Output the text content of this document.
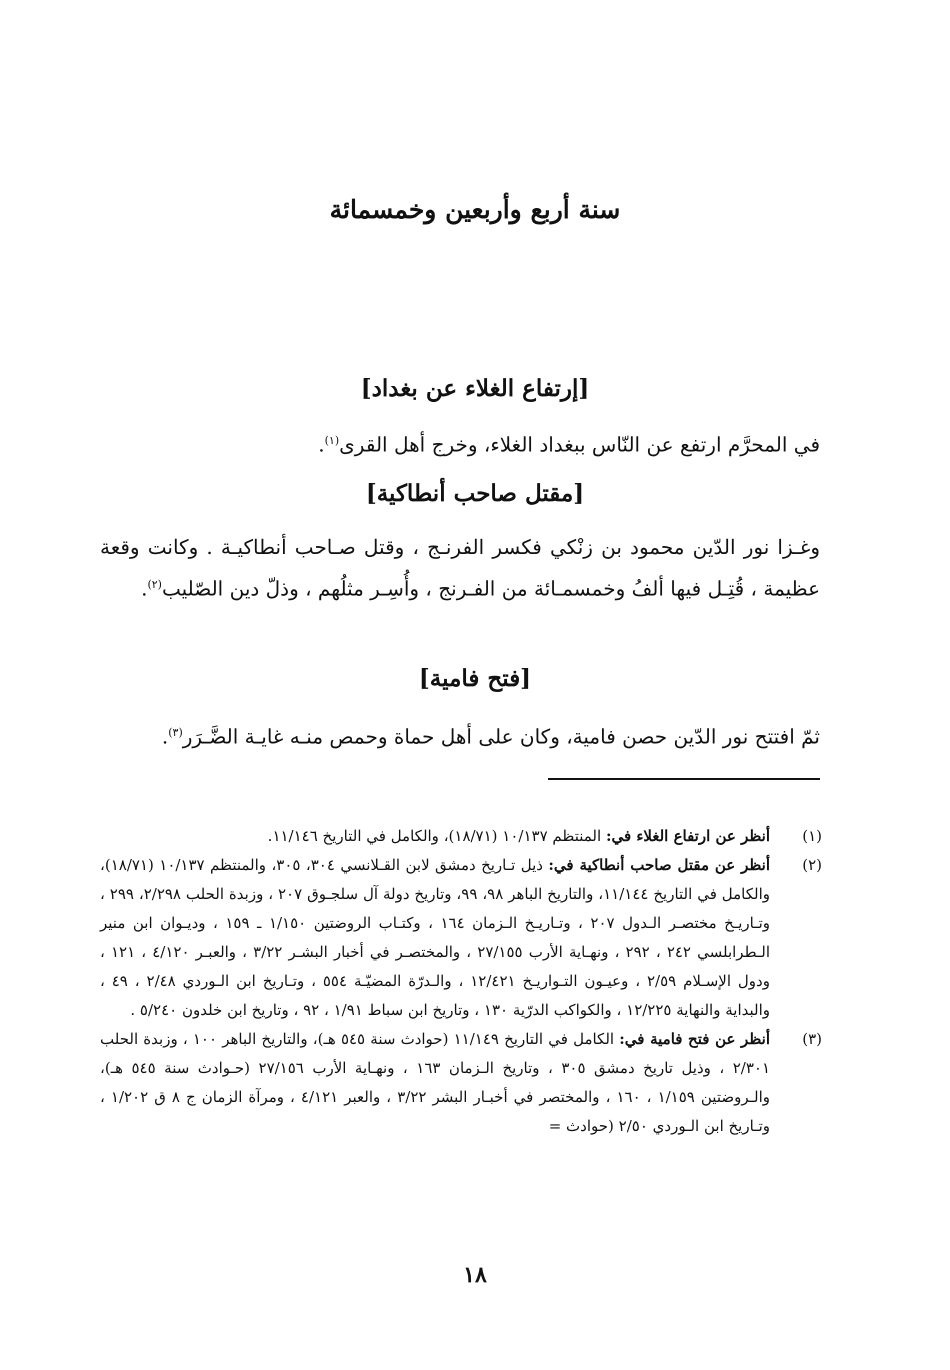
سنة أربع وأربعين وخمسمائة
[إرتفاع الغلاء عن بغداد]

في المحرَّم ارتفع عن النّاس ببغداد الغلاء، وخرج أهل القرى$^{(١)}$.

[مقتل صاحب أنطاكية]

وغـزا نور الدّين محمود بن زنْكي فكسر الفرنـج ، وقتل صـاحب أنطاكيـة . وكانت وقعة عظيمة ، قُتِـل فيها ألفُ وخمسمـائة من الفـرنج ، وأُسِـر مثلُهم ، وذلّ دين الصّليب$^{(٢)}$.

[فتح فامية]

ثمّ افتتح نور الدّين حصن فامية، وكان على أهل حماة وحمص منـه غايـة الضَّـرَر$^{(٣)}$.

(١)
أنظر عن ارتفاع الغلاء في: المنتظم ١٠/١٣٧ (١٨/٧١)، والكامل في التاريخ ١١/١٤٦.
(٢)
أنظر عن مقتل صاحب أنطاكية في: ذيل تـاريخ دمشق لابن القـلانسي ٣٠٤، ٣٠٥، والمنتظم ١٠/١٣٧ (١٨/٧١)، والكامل في التاريخ ١١/١٤٤، والتاريخ الباهر ٩٨، ٩٩، وتاريخ دولة آل سلجـوق ٢٠٧ ، وزبدة الحلب ٢/٢٩٨، ٢٩٩ ، وتـاريـخ مختصـر الـدول ٢٠٧ ، وتـاريـخ الـزمان ١٦٤ ، وكتـاب الروضتين ١/١٥٠ ـ ١٥٩ ، وديـوان ابن منير الـطرابلسي ٢٤٢ ، ٢٩٢ ، ونهـاية الأرب ٢٧/١٥٥ ، والمختصـر في أخبار البشـر ٣/٢٢ ، والعبـر ٤/١٢٠ ، ١٢١ ، ودول الإسـلام ٢/٥٩ ، وعيـون التـواريـخ ١٢/٤٢١ ، والـدرّة المضيّـة ٥٥٤ ، وتـاريخ ابن الـوردي ٢/٤٨ ، ٤٩ ، والبداية والنهاية ١٢/٢٢٥ ، والكواكب الدرّية ١٣٠ ، وتاريخ ابن سباط ١/٩١ ، ٩٢ ، وتاريخ ابن خلدون ٥/٢٤٠ .
(٣)
أنظر عن فتح فامية في: الكامل في التاريخ ١١/١٤٩ (حوادث سنة ٥٤٥ هـ)، والتاريخ الباهر ١٠٠ ، وزبدة الحلب ٢/٣٠١ ، وذيل تاريخ دمشق ٣٠٥ ، وتاريخ الـزمان ١٦٣ ، ونهـاية الأرب ٢٧/١٥٦ (حـوادث سنة ٥٤٥ هـ)، والـروضتين ١/١٥٩ ، ١٦٠ ، والمختصر في أخبـار البشر ٣/٢٢ ، والعبر ٤/١٢١ ، ومرآة الزمان ج ٨ ق ١/٢٠٢ ، وتـاريخ ابن الـوردي ٢/٥٠ (حوادث =
١٨
